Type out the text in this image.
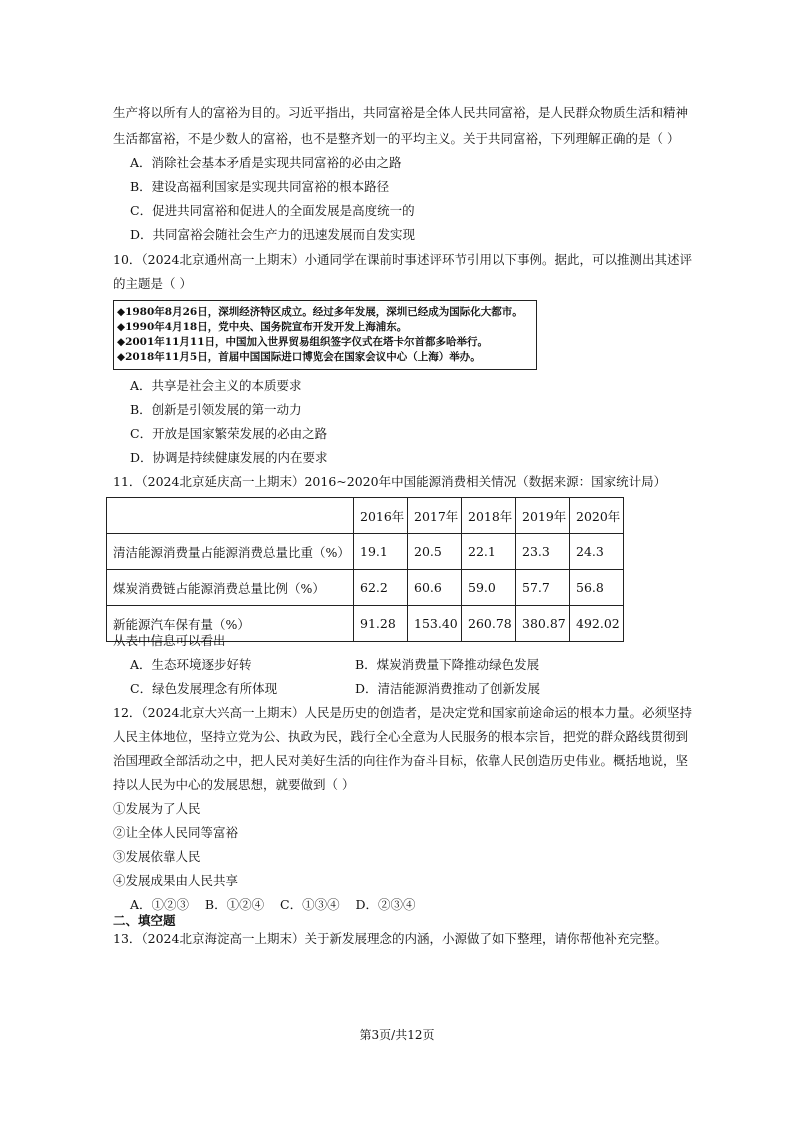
生产将以所有人的富裕为目的。习近平指出，共同富裕是全体人民共同富裕，是人民群众物质生活和精神
生活都富裕，不是少数人的富裕，也不是整齐划一的平均主义。关于共同富裕，下列理解正确的是（ ）
A．消除社会基本矛盾是实现共同富裕的必由之路
B．建设高福利国家是实现共同富裕的根本路径
C．促进共同富裕和促进人的全面发展是高度统一的
D．共同富裕会随社会生产力的迅速发展而自发实现
10．（2024北京通州高一上期末）小通同学在课前时事述评环节引用以下事例。据此，可以推测出其述评
的主题是（ ）
◆1980年8月26日，深圳经济特区成立。经过多年发展，深圳已经成为国际化大都市。
◆1990年4月18日，党中央、国务院宣布开发开发上海浦东。
◆2001年11月11日，中国加入世界贸易组织签字仪式在塔卡尔首都多哈举行。
◆2018年11月5日，首届中国国际进口博览会在国家会议中心（上海）举办。
A．共享是社会主义的本质要求
B．创新是引领发展的第一动力
C．开放是国家繁荣发展的必由之路
D．协调是持续健康发展的内在要求
11．（2024北京延庆高一上期末）2016~2020年中国能源消费相关情况（数据来源：国家统计局）
	2016年	2017年	2018年	2019年	2020年
清洁能源消费量占能源消费总量比重（%）	19.1	20.5	22.1	23.3	24.3
煤炭消费链占能源消费总量比例（%）	62.2	60.6	59.0	57.7	56.8
新能源汽车保有量（%）	91.28	153.40	260.78	380.87	492.02
从表中信息可以看出
A．生态环境逐步好转	B．煤炭消费量下降推动绿色发展
C．绿色发展理念有所体现	D．清洁能源消费推动了创新发展
12．（2024北京大兴高一上期末）人民是历史的创造者，是决定党和国家前途命运的根本力量。必须坚持
人民主体地位，坚持立党为公、执政为民，践行全心全意为人民服务的根本宗旨，把党的群众路线贯彻到
治国理政全部活动之中，把人民对美好生活的向往作为奋斗目标，依靠人民创造历史伟业。概括地说，坚
持以人民为中心的发展思想，就要做到（ ）
①发展为了人民
②让全体人民同等富裕
③发展依靠人民
④发展成果由人民共享
A．①②③    B．①②④    C．①③④    D．②③④
二、填空题
13．（2024北京海淀高一上期末）关于新发展理念的内涵，小源做了如下整理，请你帮他补充完整。
第3页/共12页
